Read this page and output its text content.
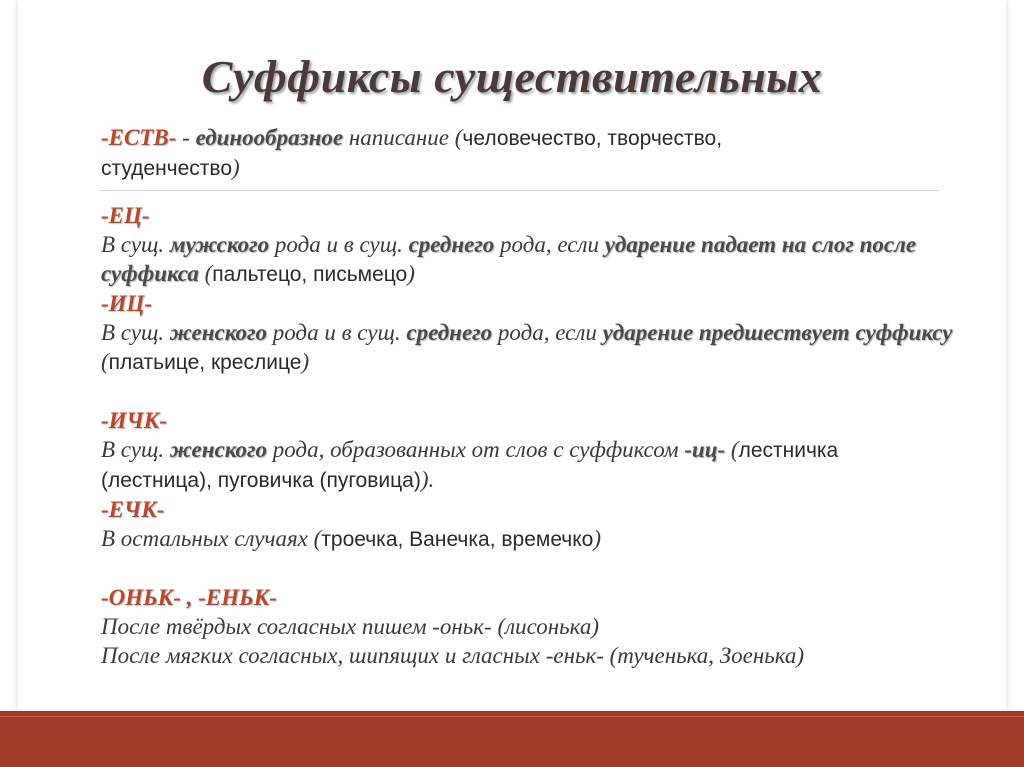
Суффиксы существительных
-ЕСТВ- - единообразное написание (человечество, творчество,
студенчество)
-ЕЦ-
В сущ. мужского рода и в сущ. среднего рода, если ударение падает на слог после
суффикса (пальтецо, письмецо)
-ИЦ-
В сущ. женского рода и в сущ. среднего рода, если ударение предшествует суффиксу
(платьице, креслице)
-ИЧК-
В сущ. женского рода, образованных от слов с суффиксом -иц- (лестничка
(лестница), пуговичка (пуговица)).
-ЕЧК-
В остальных случаях (троечка, Ванечка, времечко)
-ОНЬК- , -ЕНЬК-
После твёрдых согласных пишем -оньк- (лисонька)
После мягких согласных, шипящих и гласных -еньк- (тученька, Зоенька)
